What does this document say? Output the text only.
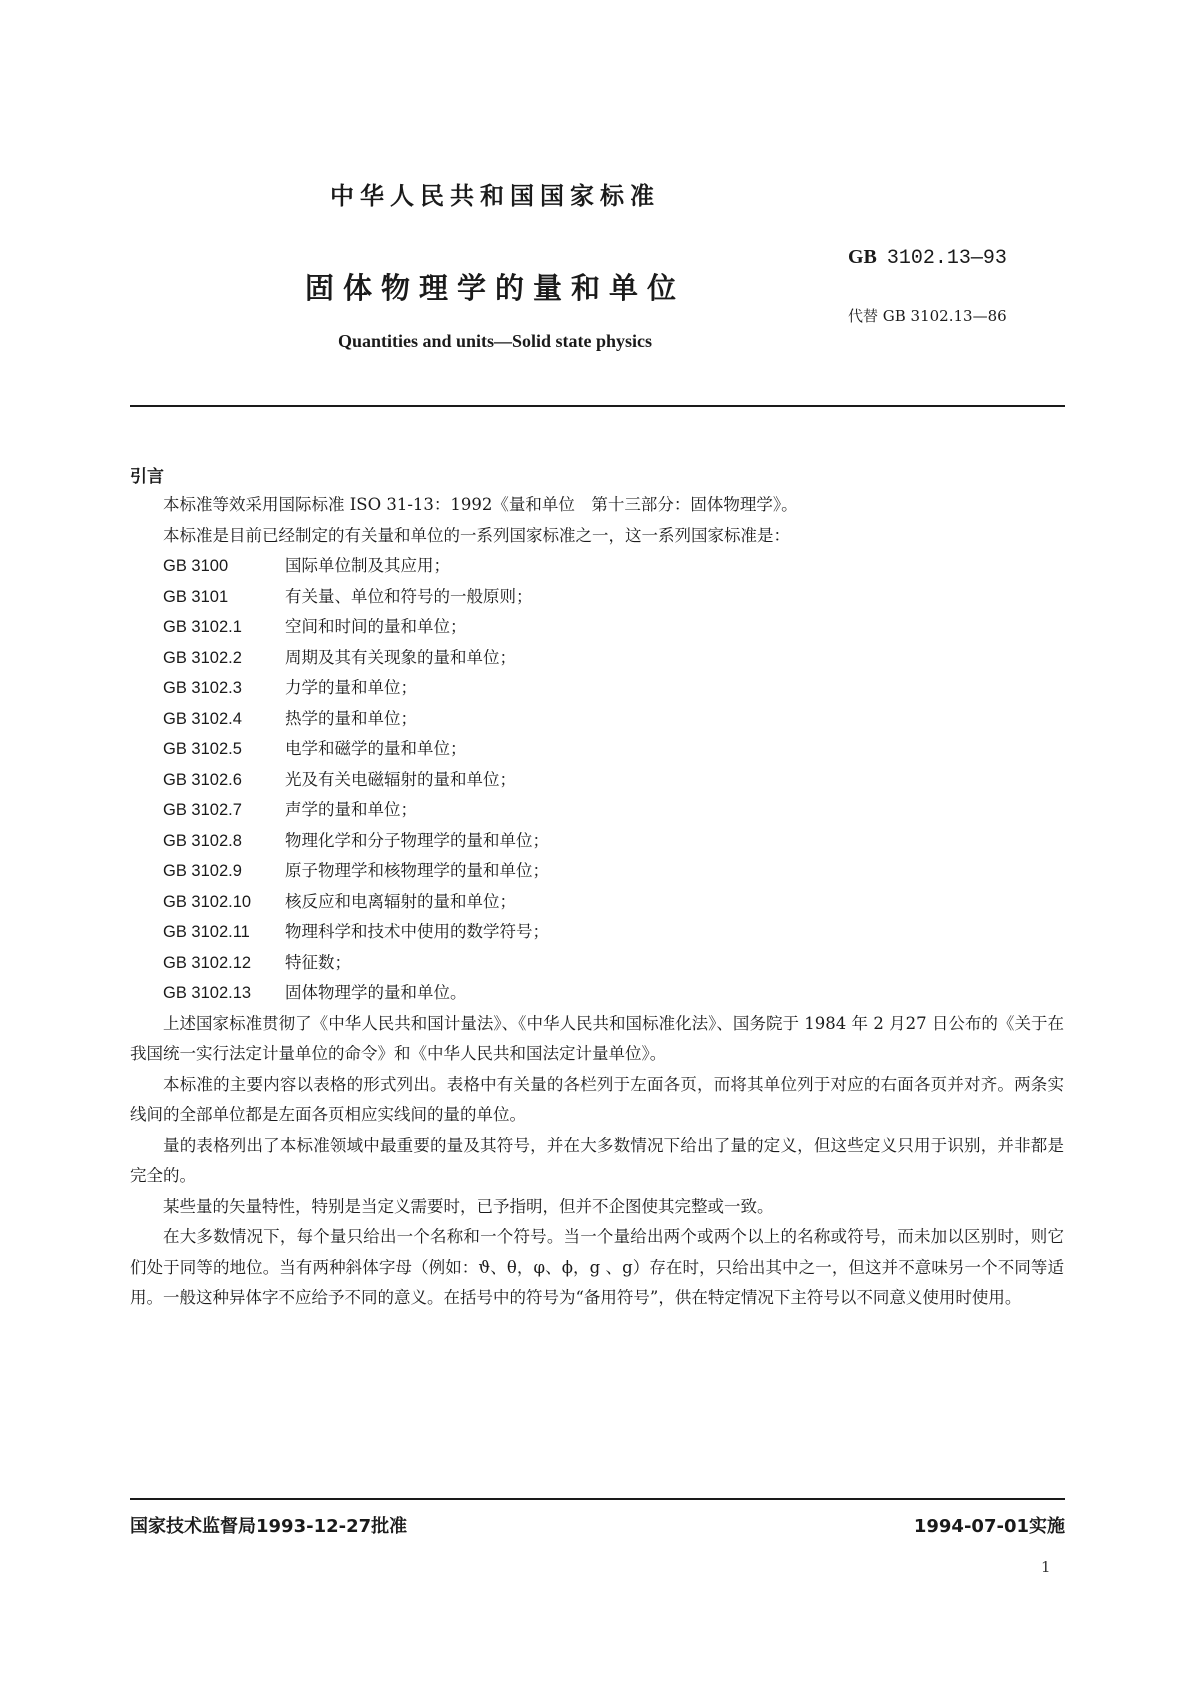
中华人民共和国国家标准
GB 3102.13—93
固体物理学的量和单位
代替 GB 3102.13—86
Quantities and units—Solid state physics
引言

本标准等效采用国际标准 ISO 31-13：1992《量和单位　第十三部分：固体物理学》。

本标准是目前已经制定的有关量和单位的一系列国家标准之一，这一系列国家标准是：

GB 3100	国际单位制及其应用；

GB 3101	有关量、单位和符号的一般原则；

GB 3102.1	空间和时间的量和单位；

GB 3102.2	周期及其有关现象的量和单位；

GB 3102.3	力学的量和单位；

GB 3102.4	热学的量和单位；

GB 3102.5	电学和磁学的量和单位；

GB 3102.6	光及有关电磁辐射的量和单位；

GB 3102.7	声学的量和单位；

GB 3102.8	物理化学和分子物理学的量和单位；

GB 3102.9	原子物理学和核物理学的量和单位；

GB 3102.10 核反应和电离辐射的量和单位；

GB 3102.11 物理科学和技术中使用的数学符号；

GB 3102.12 特征数；

GB 3102.13 固体物理学的量和单位。

上述国家标准贯彻了《中华人民共和国计量法》、《中华人民共和国标准化法》、国务院于 1984 年 2 月27 日公布的《关于在我国统一实行法定计量单位的命令》和《中华人民共和国法定计量单位》。

本标准的主要内容以表格的形式列出。表格中有关量的各栏列于左面各页，而将其单位列于对应的右面各页并对齐。两条实线间的全部单位都是左面各页相应实线间的量的单位。

量的表格列出了本标准领域中最重要的量及其符号，并在大多数情况下给出了量的定义，但这些定义只用于识别，并非都是完全的。

某些量的矢量特性，特别是当定义需要时，已予指明，但并不企图使其完整或一致。

在大多数情况下，每个量只给出一个名称和一个符号。当一个量给出两个或两个以上的名称或符号，而未加以区别时，则它们处于同等的地位。当有两种斜体字母（例如：ϑ、θ，φ、ϕ，g 、g）存在时，只给出其中之一，但这并不意味另一个不同等适用。一般这种异体字不应给予不同的意义。在括号中的符号为“备用符号”，供在特定情况下主符号以不同意义使用时使用。

国家技术监督局1993-12-27批准	1994-07-01实施
1
